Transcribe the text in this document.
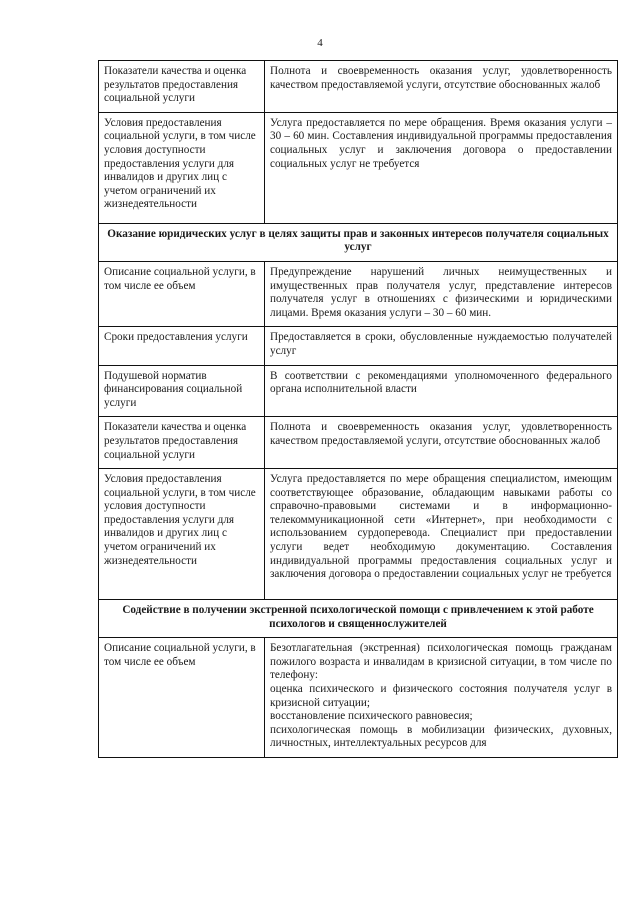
4
Показатели качества и оценка результатов предоставления социальной услуги	Полнота и своевременность оказания услуг, удовлетворенность качеством предоставляемой услуги, отсутствие обоснованных жалоб
Условия предоставления социальной услуги, в том числе условия доступности предоставления услуги для инвалидов и других лиц с учетом ограничений их жизнедеятельности	Услуга предоставляется по мере обращения. Время оказания услуги – 30 – 60 мин. Составления индивидуальной программы предоставления социальных услуг и заключения договора о предоставлении социальных услуг не требуется
Оказание юридических услуг в целях защиты прав и законных интересов получателя социальных услуг	
Описание социальной услуги, в том числе ее объем	Предупреждение нарушений личных неимущественных и имущественных прав получателя услуг, представление интересов получателя услуг в отношениях с физическими и юридическими лицами. Время оказания услуги – 30 – 60 мин.
Сроки предоставления услуги	Предоставляется в сроки, обусловленные нуждаемостью получателей услуг
Подушевой норматив финансирования социальной услуги	В соответствии с рекомендациями уполномоченного федерального органа исполнительной власти
Показатели качества и оценка результатов предоставления социальной услуги	Полнота и своевременность оказания услуг, удовлетворенность качеством предоставляемой услуги, отсутствие обоснованных жалоб
Условия предоставления социальной услуги, в том числе условия доступности предоставления услуги для инвалидов и других лиц с учетом ограничений их жизнедеятельности	Услуга предоставляется по мере обращения специалистом, имеющим соответствующее образование, обладающим навыками работы со справочно-правовыми системами и в информационно-телекоммуникационной сети «Интернет», при необходимости с использованием сурдоперевода. Специалист при предоставлении услуги ведет необходимую документацию. Составления индивидуальной программы предоставления социальных услуг и заключения договора о предоставлении социальных услуг не требуется
Содействие в получении экстренной психологической помощи с привлечением к этой работе психологов и священнослужителей	
Описание социальной услуги, в том числе ее объем	Безотлагательная (экстренная) психологическая помощь гражданам пожилого возраста и инвалидам в кризисной ситуации, в том числе по телефону:

оценка психического и физического состояния получателя услуг в кризисной ситуации;

восстановление психического равновесия;

психологическая помощь в мобилизации физических, духовных, личностных, интеллектуальных ресурсов для
